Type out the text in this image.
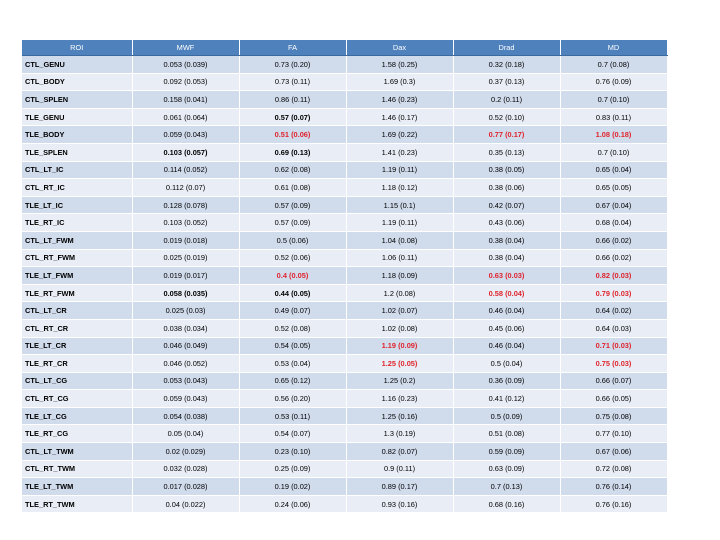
ROI	MWF	FA	Dax	Drad	MD
CTL_GENU	0.053 (0.039)	0.73 (0.20)	1.58 (0.25)	0.32 (0.18)	0.7 (0.08)
CTL_BODY	0.092 (0.053)	0.73 (0.11)	1.69 (0.3)	0.37 (0.13)	0.76 (0.09)
CTL_SPLEN	0.158 (0.041)	0.86 (0.11)	1.46 (0.23)	0.2 (0.11)	0.7 (0.10)
TLE_GENU	0.061 (0.064)	0.57 (0.07)	1.46 (0.17)	0.52 (0.10)	0.83 (0.11)
TLE_BODY	0.059 (0.043)	0.51 (0.06)	1.69 (0.22)	0.77 (0.17)	1.08 (0.18)
TLE_SPLEN	0.103 (0.057)	0.69 (0.13)	1.41 (0.23)	0.35 (0.13)	0.7 (0.10)
CTL_LT_IC	0.114 (0.052)	0.62 (0.08)	1.19 (0.11)	0.38 (0.05)	0.65 (0.04)
CTL_RT_IC	0.112 (0.07)	0.61 (0.08)	1.18 (0.12)	0.38 (0.06)	0.65 (0.05)
TLE_LT_IC	0.128 (0.078)	0.57 (0.09)	1.15 (0.1)	0.42 (0.07)	0.67 (0.04)
TLE_RT_IC	0.103 (0.052)	0.57 (0.09)	1.19 (0.11)	0.43 (0.06)	0.68 (0.04)
CTL_LT_FWM	0.019 (0.018)	0.5 (0.06)	1.04 (0.08)	0.38 (0.04)	0.66 (0.02)
CTL_RT_FWM	0.025 (0.019)	0.52 (0.06)	1.06 (0.11)	0.38 (0.04)	0.66 (0.02)
TLE_LT_FWM	0.019 (0.017)	0.4 (0.05)	1.18 (0.09)	0.63 (0.03)	0.82 (0.03)
TLE_RT_FWM	0.058 (0.035)	0.44 (0.05)	1.2 (0.08)	0.58 (0.04)	0.79 (0.03)
CTL_LT_CR	0.025 (0.03)	0.49 (0.07)	1.02 (0.07)	0.46 (0.04)	0.64 (0.02)
CTL_RT_CR	0.038 (0.034)	0.52 (0.08)	1.02 (0.08)	0.45 (0.06)	0.64 (0.03)
TLE_LT_CR	0.046 (0.049)	0.54 (0.05)	1.19 (0.09)	0.46 (0.04)	0.71 (0.03)
TLE_RT_CR	0.046 (0.052)	0.53 (0.04)	1.25 (0.05)	0.5 (0.04)	0.75 (0.03)
CTL_LT_CG	0.053 (0.043)	0.65 (0.12)	1.25 (0.2)	0.36 (0.09)	0.66 (0.07)
CTL_RT_CG	0.059 (0.043)	0.56 (0.20)	1.16 (0.23)	0.41 (0.12)	0.66 (0.05)
TLE_LT_CG	0.054 (0.038)	0.53 (0.11)	1.25 (0.16)	0.5 (0.09)	0.75 (0.08)
TLE_RT_CG	0.05 (0.04)	0.54 (0.07)	1.3 (0.19)	0.51 (0.08)	0.77 (0.10)
CTL_LT_TWM	0.02 (0.029)	0.23 (0.10)	0.82 (0.07)	0.59 (0.09)	0.67 (0.06)
CTL_RT_TWM	0.032 (0.028)	0.25 (0.09)	0.9 (0.11)	0.63 (0.09)	0.72 (0.08)
TLE_LT_TWM	0.017 (0.028)	0.19 (0.02)	0.89 (0.17)	0.7 (0.13)	0.76 (0.14)
TLE_RT_TWM	0.04 (0.022)	0.24 (0.06)	0.93 (0.16)	0.68 (0.16)	0.76 (0.16)
